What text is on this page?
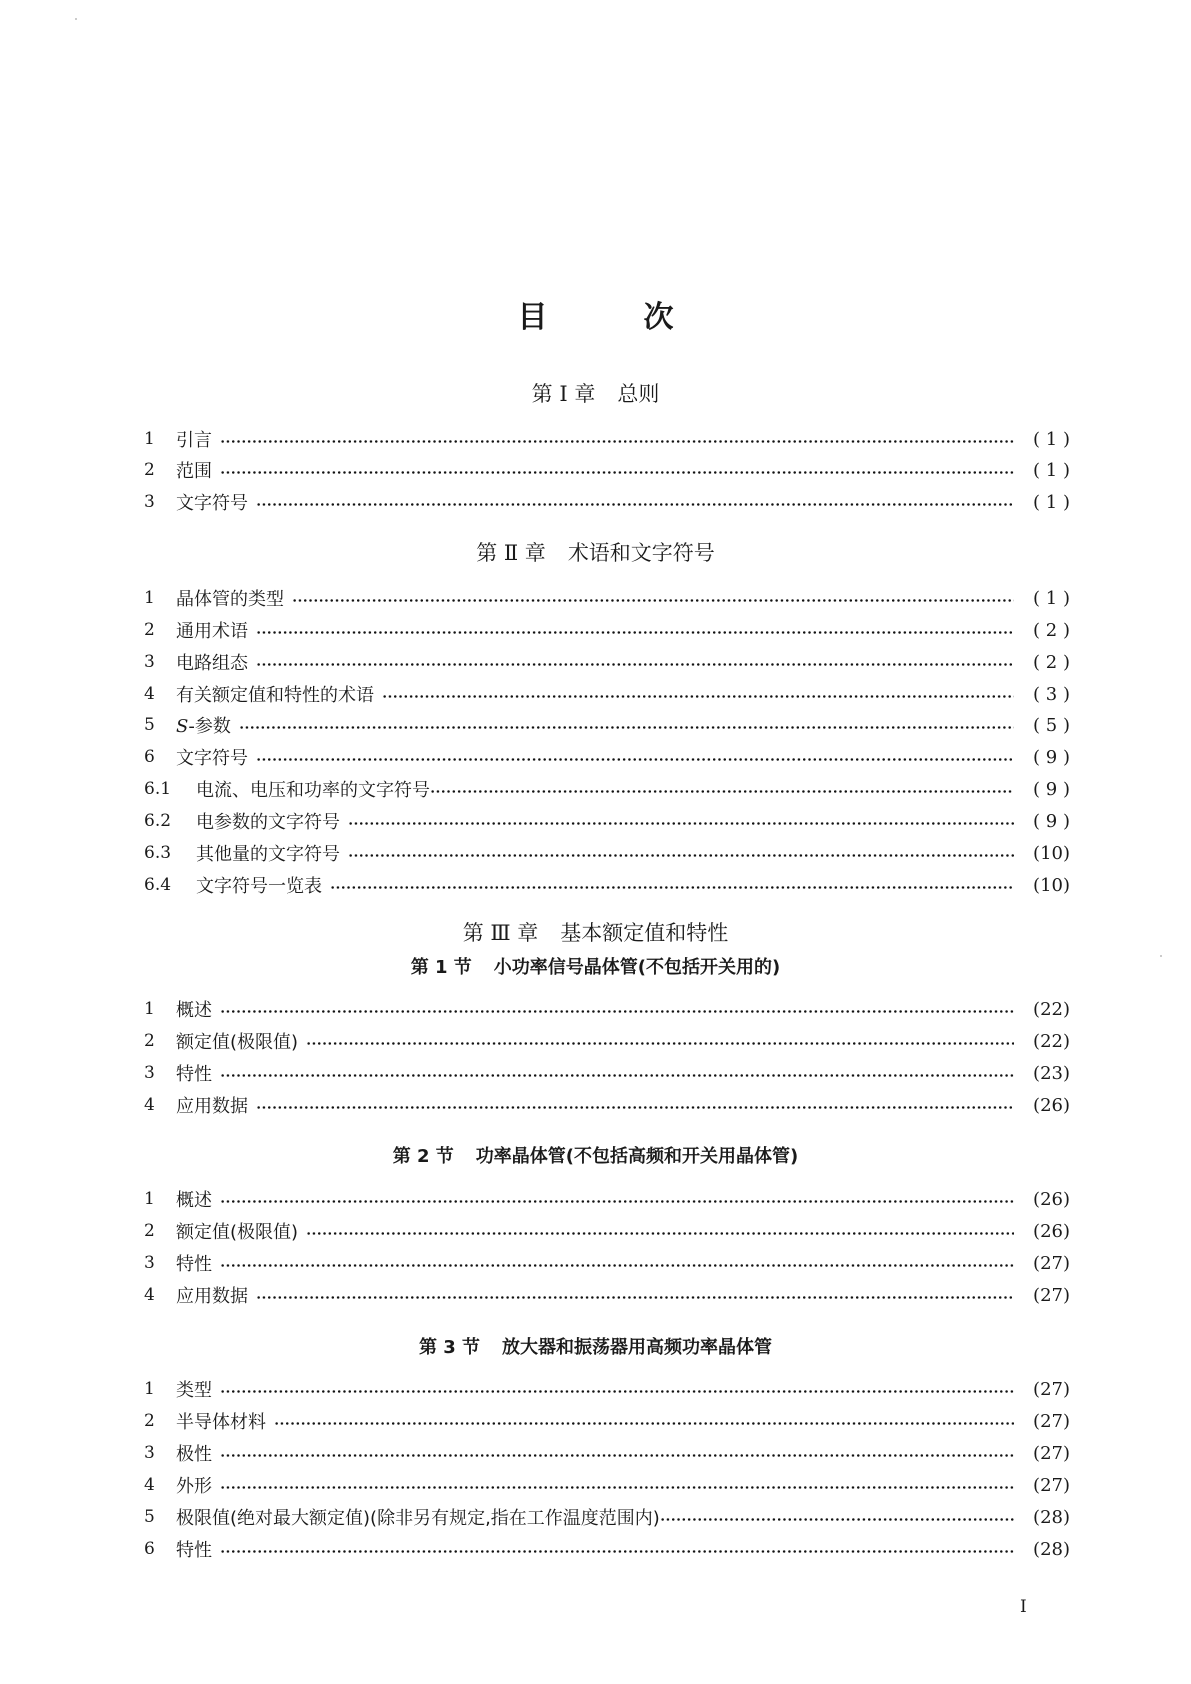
目	次
第 I 章 总则
1	引言	( 1 )
2	范围	( 1 )
3	文字符号	( 1 )
第 Ⅱ 章 术语和文字符号
1	晶体管的类型	( 1 )
2	通用术语	( 2 )
3	电路组态	( 2 )
4	有关额定值和特性的术语	( 3 )
5	S-参数	( 5 )
6	文字符号	( 9 )
6.1	电流、电压和功率的文字符号	( 9 )
6.2	电参数的文字符号	( 9 )
6.3	其他量的文字符号	(10)
6.4	文字符号一览表	(10)
第 Ⅲ 章 基本额定值和特性
第 1 节 小功率信号晶体管(不包括开关用的)
1	概述	(22)
2	额定值(极限值)	(22)
3	特性	(23)
4	应用数据	(26)
第 2 节 功率晶体管(不包括高频和开关用晶体管)
1	概述	(26)
2	额定值(极限值)	(26)
3	特性	(27)
4	应用数据	(27)
第 3 节 放大器和振荡器用高频功率晶体管
1	类型	(27)
2	半导体材料	(27)
3	极性	(27)
4	外形	(27)
5	极限值(绝对最大额定值)(除非另有规定,指在工作温度范围内)	(28)
6	特性	(28)
I
